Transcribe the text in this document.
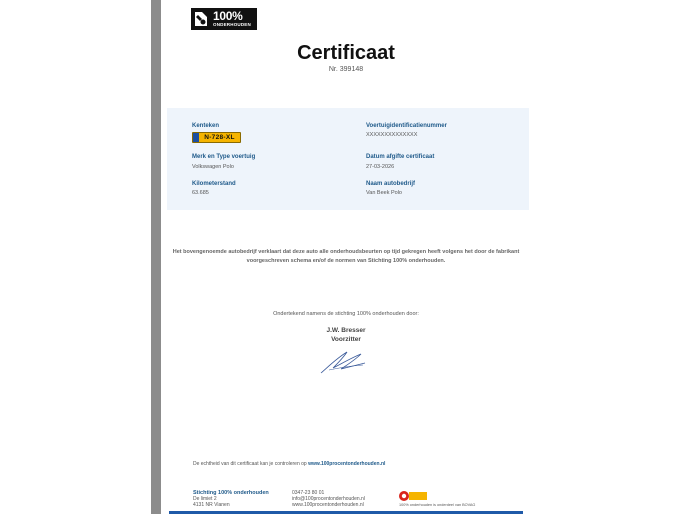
100%
ONDERHOUDEN
Certificaat
Nr. 399148
Kenteken
N-728-XL
Voertuigidentificatienummer
XXXXXXXXXXXXXX
Merk en Type voertuig
Volkswagen Polo
Datum afgifte certificaat
27-03-2026
Kilometerstand
63.685
Naam autobedrijf
Van Beek Polo
Het bovengenoemde autobedrijf verklaart dat deze auto alle onderhoudsbeurten op tijd gekregen heeft volgens het door de fabrikant
voorgeschreven schema en/of de normen van Stichting 100% onderhouden.
Ondertekend namens de stichting 100% onderhouden door:
J.W. Bresser
Voorzitter
De echtheid van dit certificaat kan je controleren op www.100procentonderhouden.nl
Stichting 100% onderhouden
De limiet 2
4131 NR Vianen
0347-23 80 01
info@100procentonderhouden.nl
www.100procentonderhouden.nl	100% onderhouden is onderdeel van BOVAG
